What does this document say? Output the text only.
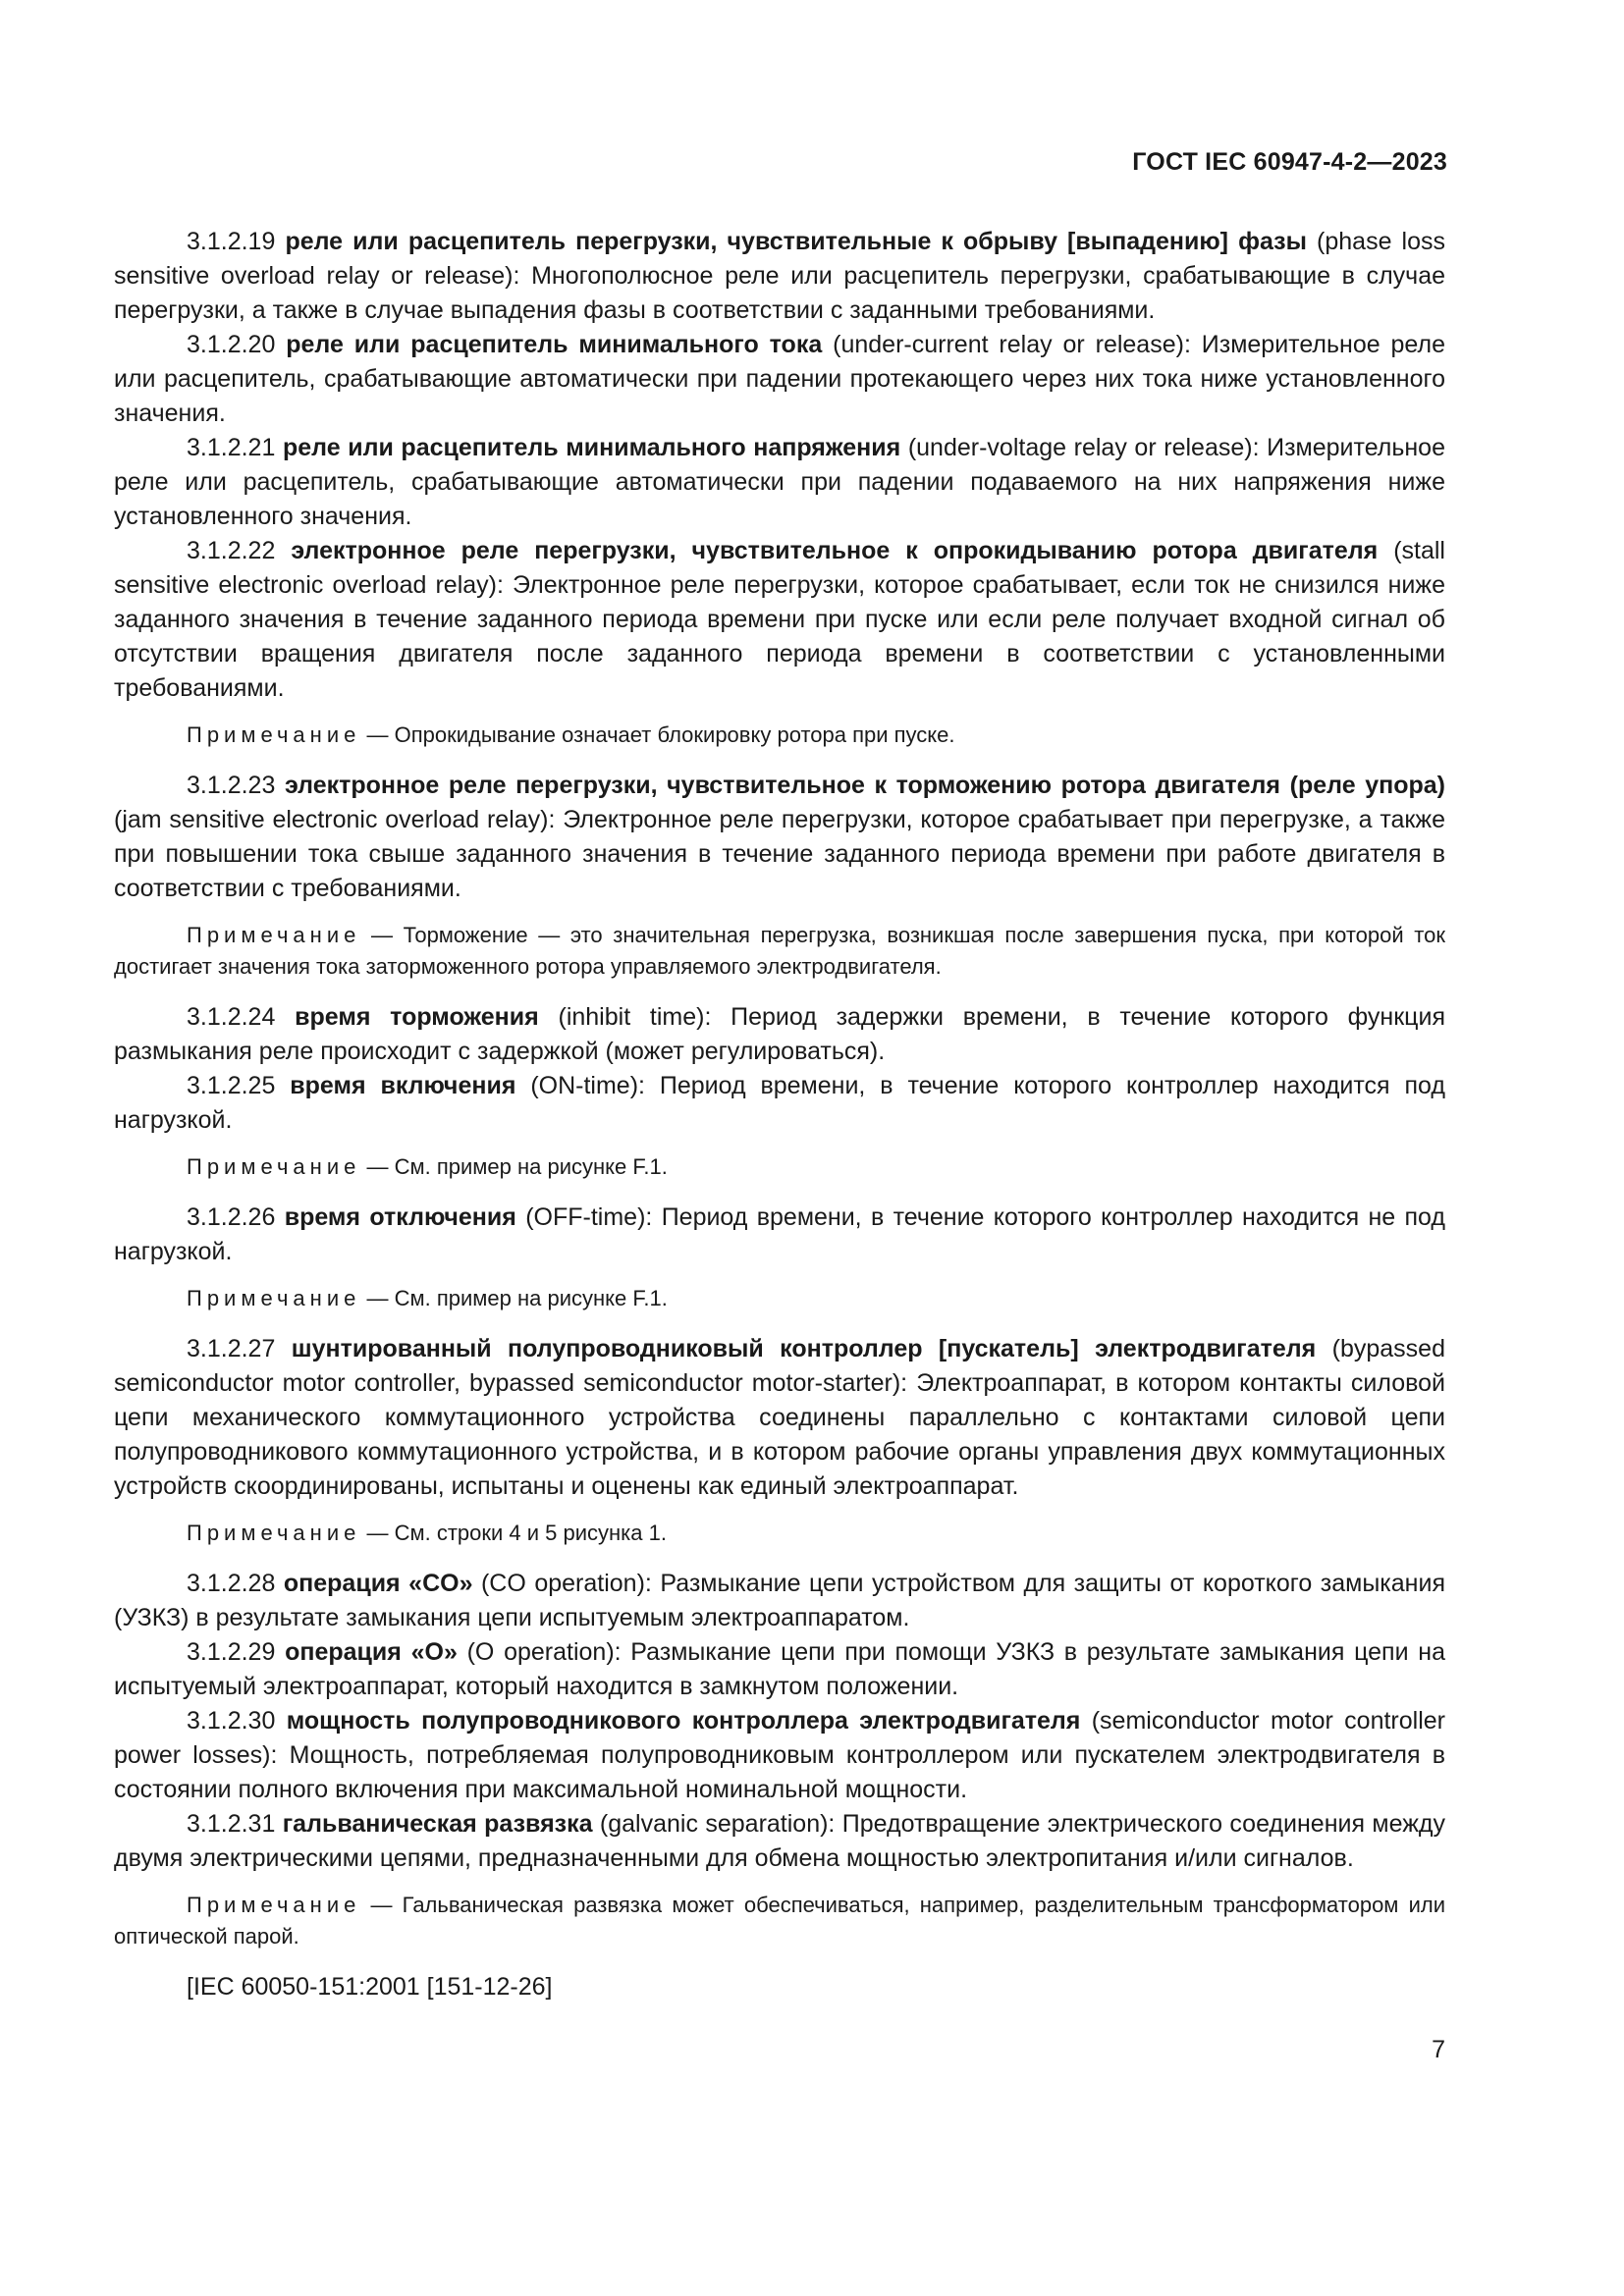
ГОСТ IEC 60947-4-2—2023

3.1.2.19 реле или расцепитель перегрузки, чувствительные к обрыву [выпадению] фазы (phase loss sensitive overload relay or release): Многополюсное реле или расцепитель перегрузки, срабатывающие в случае перегрузки, а также в случае выпадения фазы в соответствии с заданными требованиями.

3.1.2.20 реле или расцепитель минимального тока (under-current relay or release): Измерительное реле или расцепитель, срабатывающие автоматически при падении протекающего через них тока ниже установленного значения.

3.1.2.21 реле или расцепитель минимального напряжения (under-voltage relay or release): Измерительное реле или расцепитель, срабатывающие автоматически при падении подаваемого на них напряжения ниже установленного значения.

3.1.2.22 электронное реле перегрузки, чувствительное к опрокидыванию ротора двигателя (stall sensitive electronic overload relay): Электронное реле перегрузки, которое срабатывает, если ток не снизился ниже заданного значения в течение заданного периода времени при пуске или если реле получает входной сигнал об отсутствии вращения двигателя после заданного периода времени в соответствии с установленными требованиями.

Примечание — Опрокидывание означает блокировку ротора при пуске.

3.1.2.23 электронное реле перегрузки, чувствительное к торможению ротора двигателя (реле упора) (jam sensitive electronic overload relay): Электронное реле перегрузки, которое срабатывает при перегрузке, а также при повышении тока свыше заданного значения в течение заданного периода времени при работе двигателя в соответствии с требованиями.

Примечание — Торможение — это значительная перегрузка, возникшая после завершения пуска, при которой ток достигает значения тока заторможенного ротора управляемого электродвигателя.

3.1.2.24 время торможения (inhibit time): Период задержки времени, в течение которого функция размыкания реле происходит с задержкой (может регулироваться).

3.1.2.25 время включения (ON-time): Период времени, в течение которого контроллер находится под нагрузкой.

Примечание — См. пример на рисунке F.1.

3.1.2.26 время отключения (OFF-time): Период времени, в течение которого контроллер находится не под нагрузкой.

Примечание — См. пример на рисунке F.1.

3.1.2.27 шунтированный полупроводниковый контроллер [пускатель] электродвигателя (bypassed semiconductor motor controller, bypassed semiconductor motor-starter): Электроаппарат, в котором контакты силовой цепи механического коммутационного устройства соединены параллельно с контактами силовой цепи полупроводникового коммутационного устройства, и в котором рабочие органы управления двух коммутационных устройств скоординированы, испытаны и оценены как единый электроаппарат.

Примечание — См. строки 4 и 5 рисунка 1.

3.1.2.28 операция «CO» (CO operation): Размыкание цепи устройством для защиты от короткого замыкания (УЗКЗ) в результате замыкания цепи испытуемым электроаппаратом.

3.1.2.29 операция «О» (O operation): Размыкание цепи при помощи УЗКЗ в результате замыкания цепи на испытуемый электроаппарат, который находится в замкнутом положении.

3.1.2.30 мощность полупроводникового контроллера электродвигателя (semiconductor motor controller power losses): Мощность, потребляемая полупроводниковым контроллером или пускателем электродвигателя в состоянии полного включения при максимальной номинальной мощности.

3.1.2.31 гальваническая развязка (galvanic separation): Предотвращение электрического соединения между двумя электрическими цепями, предназначенными для обмена мощностью электропитания и/или сигналов.

Примечание — Гальваническая развязка может обеспечиваться, например, разделительным трансформатором или оптической парой.

[IEC 60050-151:2001 [151-12-26]

7
